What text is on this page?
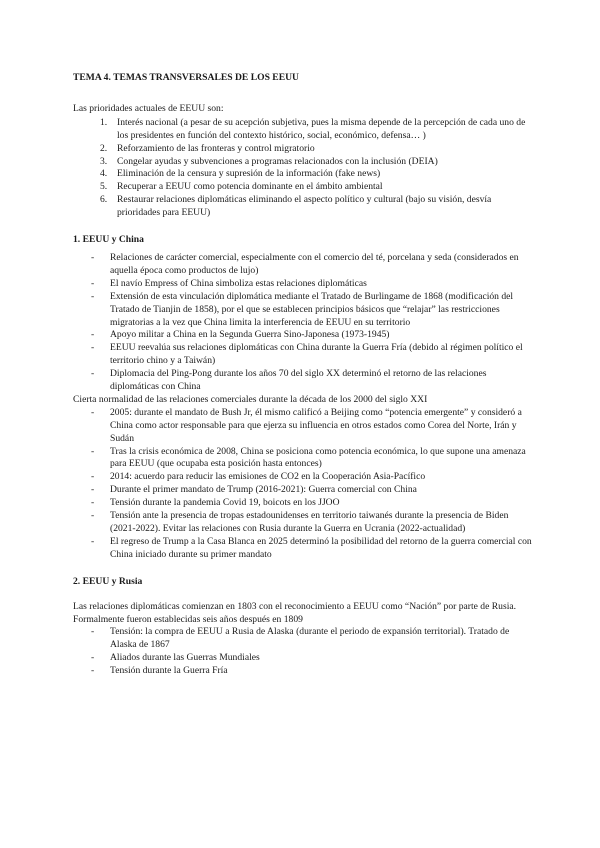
TEMA 4. TEMAS TRANSVERSALES DE LOS EEUU

Las prioridades actuales de EEUU son:

1. Interés nacional (a pesar de su acepción subjetiva, pues la misma depende de la percepción de cada uno de los presidentes en función del contexto histórico, social, económico, defensa… )
2. Reforzamiento de las fronteras y control migratorio
3. Congelar ayudas y subvenciones a programas relacionados con la inclusión (DEIA)
4. Eliminación de la censura y supresión de la información (fake news)
5. Recuperar a EEUU como potencia dominante en el ámbito ambiental
6. Restaurar relaciones diplomáticas eliminando el aspecto político y cultural (bajo su visión, desvía prioridades para EEUU)
1. EEUU y China
- Relaciones de carácter comercial, especialmente con el comercio del té, porcelana y seda (considerados en aquella época como productos de lujo)
- El navío Empress of China simboliza estas relaciones diplomáticas
- Extensión de esta vinculación diplomática mediante el Tratado de Burlingame de 1868 (modificación del Tratado de Tianjin de 1858), por el que se establecen principios básicos que “relajar” las restricciones migratorias a la vez que China limita la interferencia de EEUU en su territorio
- Apoyo militar a China en la Segunda Guerra Sino-Japonesa (1973-1945)
- EEUU reevalúa sus relaciones diplomáticas con China durante la Guerra Fría (debido al régimen político el territorio chino y a Taiwán)
- Diplomacia del Ping-Pong durante los años 70 del siglo XX determinó el retorno de las relaciones diplomáticas con China

Cierta normalidad de las relaciones comerciales durante la década de los 2000 del siglo XXI

- 2005: durante el mandato de Bush Jr, él mismo calificó a Beijing como “potencia emergente” y consideró a China como actor responsable para que ejerza su influencia en otros estados como Corea del Norte, Irán y Sudán
- Tras la crisis económica de 2008, China se posiciona como potencia económica, lo que supone una amenaza para EEUU (que ocupaba esta posición hasta entonces)
- 2014: acuerdo para reducir las emisiones de CO2 en la Cooperación Asia-Pacífico
- Durante el primer mandato de Trump (2016-2021): Guerra comercial con China
- Tensión durante la pandemia Covid 19, boicots en los JJOO
- Tensión ante la presencia de tropas estadounidenses en territorio taiwanés durante la presencia de Biden (2021-2022). Evitar las relaciones con Rusia durante la Guerra en Ucrania (2022-actualidad)
- El regreso de Trump a la Casa Blanca en 2025 determinó la posibilidad del retorno de la guerra comercial con China iniciado durante su primer mandato
2. EEUU y Rusia

Las relaciones diplomáticas comienzan en 1803 con el reconocimiento a EEUU como “Nación” por parte de Rusia. Formalmente fueron establecidas seis años después en 1809

- Tensión: la compra de EEUU a Rusia de Alaska (durante el periodo de expansión territorial). Tratado de Alaska de 1867
- Aliados durante las Guerras Mundiales
- Tensión durante la Guerra Fría
